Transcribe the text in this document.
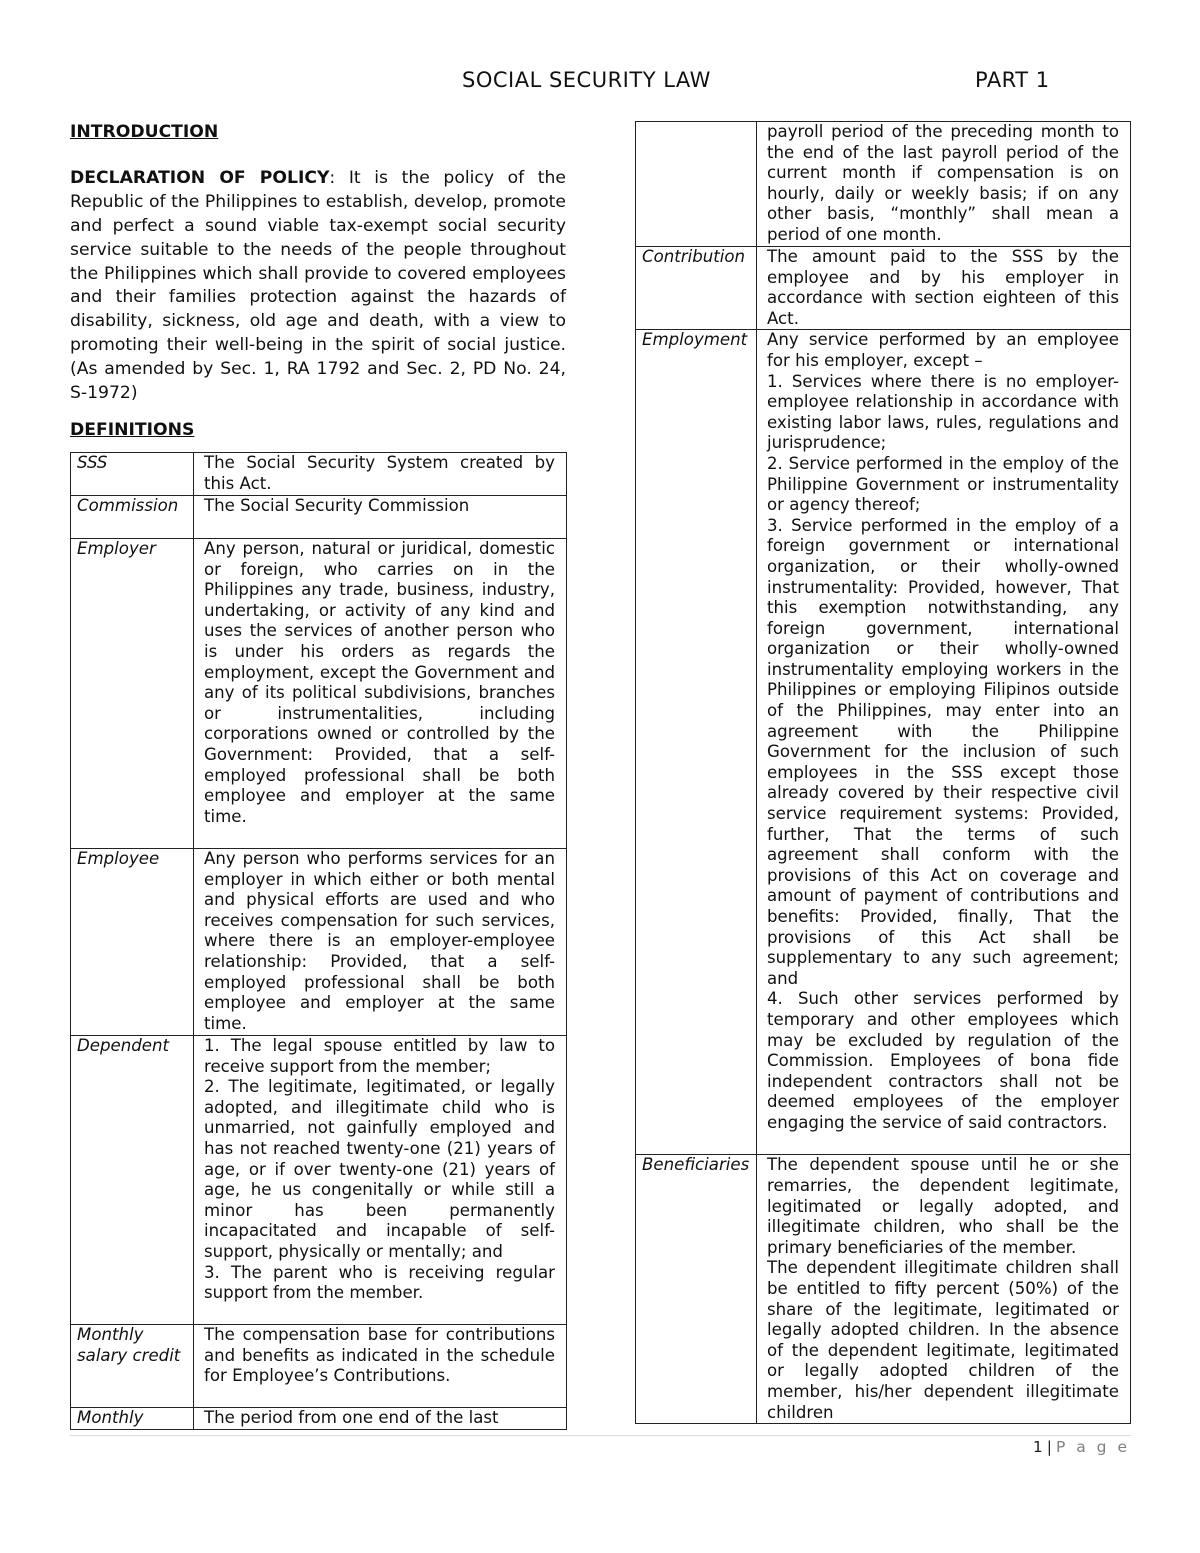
SOCIAL SECURITY LAW	PART 1

INTRODUCTION

DECLARATION OF POLICY: It is the policy of the Republic of the Philippines to establish, develop, promote and perfect a sound viable tax-exempt social security service suitable to the needs of the people throughout the Philippines which shall provide to covered employees and their families protection against the hazards of disability, sickness, old age and death, with a view to promoting their well-being in the spirit of social justice. (As amended by Sec. 1, RA 1792 and Sec. 2, PD No. 24, S-1972)

DEFINITIONS

SSS	The Social Security System created by this Act.
Commission	The Social Security Commission
Employer	Any person, natural or juridical, domestic or foreign, who carries on in the Philippines any trade, business, industry, undertaking, or activity of any kind and uses the services of another person who is under his orders as regards the employment, except the Government and any of its political subdivisions, branches or instrumentalities, including corporations owned or controlled by the Government: Provided, that a self-employed professional shall be both employee and employer at the same time.
Employee	Any person who performs services for an employer in which either or both mental and physical efforts are used and who receives compensation for such services, where there is an employer-employee relationship: Provided, that a self-employed professional shall be both employee and employer at the same time.
Dependent	1. The legal spouse entitled by law to receive support from the member;
2. The legitimate, legitimated, or legally adopted, and illegitimate child who is unmarried, not gainfully employed and has not reached twenty-one (21) years of age, or if over twenty-one (21) years of age, he us congenitally or while still a minor has been permanently incapacitated and incapable of self-support, physically or mentally; and
3. The parent who is receiving regular support from the member.

Monthly salary credit	The compensation base for contributions and benefits as indicated in the schedule for Employee’s Contributions.
Monthly	The period from one end of the last
	payroll period of the preceding month to the end of the last payroll period of the current month if compensation is on hourly, daily or weekly basis; if on any other basis, “monthly” shall mean a period of one month.
Contribution	The amount paid to the SSS by the employee and by his employer in accordance with section eighteen of this Act.
Employment	Any service performed by an employee for his employer, except –
1. Services where there is no employer-employee relationship in accordance with existing labor laws, rules, regulations and jurisprudence;
2. Service performed in the employ of the Philippine Government or instrumentality or agency thereof;
3. Service performed in the employ of a foreign government or international organization, or their wholly-owned instrumentality: Provided, however, That this exemption notwithstanding, any foreign government, international organization or their wholly-owned instrumentality employing workers in the Philippines or employing Filipinos outside of the Philippines, may enter into an agreement with the Philippine Government for the inclusion of such employees in the SSS except those already covered by their respective civil service requirement systems: Provided, further, That the terms of such agreement shall conform with the provisions of this Act on coverage and amount of payment of contributions and benefits: Provided, finally, That the provisions of this Act shall be supplementary to any such agreement; and
4. Such other services performed by temporary and other employees which may be excluded by regulation of the Commission. Employees of bona fide independent contractors shall not be deemed employees of the employer engaging the service of said contractors.

Beneficiaries	The dependent spouse until he or she remarries, the dependent legitimate, legitimated or legally adopted, and illegitimate children, who shall be the primary beneficiaries of the member.
The dependent illegitimate children shall be entitled to fifty percent (50%) of the share of the legitimate, legitimated or legally adopted children. In the absence of the dependent legitimate, legitimated or legally adopted children of the member, his/her dependent illegitimate children
1 | P a g e
